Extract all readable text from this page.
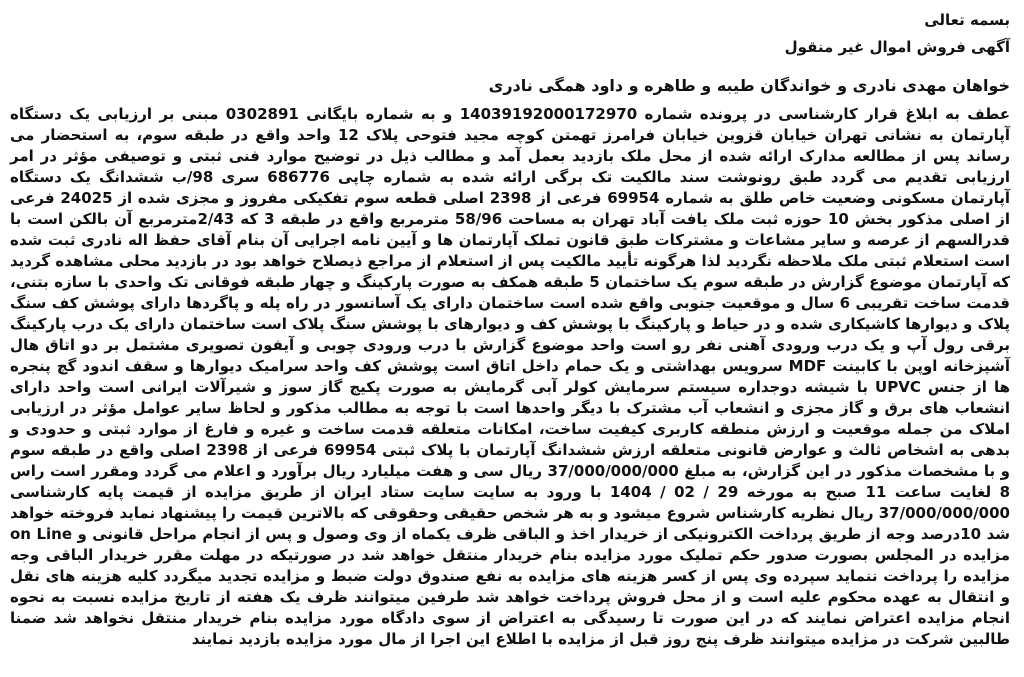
بسمه تعالی
آگهی فروش اموال غیر منقول
خواهان مهدی نادری و خواندگان طیبه و طاهره و داود همگی نادری

عطف به ابلاغ قرار کارشناسی در پرونده شماره 14039192000172970 و به شماره بایگانی 0302891 مبنی بر ارزیابی یک دستگاه آپارتمان به نشانی تهران خیابان قزوین خیابان فرامرز تهمتن کوچه مجید فتوحی پلاک 12 واحد واقع در طبقه سوم، به استحضار می رساند پس از مطالعه مدارک ارائه شده از محل ملک بازدید بعمل آمد و مطالب ذیل در توضیح موارد فنی ثبتی و توصیفی مؤثر در امر ارزیابی تقدیم می گردد طبق رونوشت سند مالکیت تک برگی ارائه شده به شماره چاپی 686776 سری 98/ب ششدانگ یک دستگاه آپارتمان مسکونی وضعیت خاص طلق به شماره 69954 فرعی از 2398 اصلی قطعه سوم تفکیکی مفروز و مجزی شده از 24025 فرعی از اصلی مذکور بخش 10 حوزه ثبت ملک یافت آباد تهران به مساحت 58/96 مترمربع واقع در طبقه 3 که 2/43مترمربع آن بالکن است با قدرالسهم از عرصه و سایر مشاعات و مشترکات طبق قانون تملک آپارتمان ها و آیین نامه اجرایی آن بنام آقای حفظ اله نادری ثبت شده است استعلام ثبتی ملک ملاحظه نگردید لذا هرگونه تأیید مالکیت پس از استعلام از مراجع ذیصلاح خواهد بود در بازدید محلی مشاهده گردید که آپارتمان موضوع گزارش در طبقه سوم یک ساختمان 5 طبقه همکف به صورت پارکینگ و چهار طبقه فوقانی تک واحدی با سازه بتنی، قدمت ساخت تقریبی 6 سال و موقعیت جنوبی واقع شده است ساختمان دارای یک آسانسور در راه پله و پاگردها دارای پوشش کف سنگ پلاک و دیوارها کاشیکاری شده و در حیاط و پارکینگ با پوشش کف و دیوارهای با پوشش سنگ پلاک است ساختمان دارای یک درب پارکینگ برقی رول آپ و یک درب ورودی آهنی نفر رو است واحد موضوع گزارش با درب ورودی چوبی و آیفون تصویری مشتمل بر دو اتاق هال آشپزخانه اوپن با کابینت MDF سرویس بهداشتی و یک حمام داخل اتاق است پوشش کف واحد سرامیک دیوارها و سقف اندود گچ پنجره ها از جنس UPVC با شیشه دوجداره سیستم سرمایش کولر آبی گرمایش به صورت پکیج گاز سوز و شیرآلات ایرانی است واحد دارای انشعاب های برق و گاز مجزی و انشعاب آب مشترک با دیگر واحدها است با توجه به مطالب مذکور و لحاظ سایر عوامل مؤثر در ارزیابی املاک من جمله موقعیت و ارزش منطقه کاربری کیفیت ساخت، امکانات متعلقه قدمت ساخت و غیره و فارغ از موارد ثبتی و حدودی و بدهی به اشخاص ثالث و عوارض قانونی متعلقه ارزش ششدانگ آپارتمان با پلاک ثبتی 69954 فرعی از 2398 اصلی واقع در طبقه سوم و با مشخصات مذکور در این گزارش، به مبلغ 37/000/000/000 ریال سی و هفت میلیارد ریال برآورد و اعلام می گردد ومقرر است راس 8 لغایت ساعت 11 صبح به مورخه 29 / 02 / 1404 با ورود به سایت سایت ستاد ایران از طریق مزایده از قیمت پایه کارشناسی 37/000/000/000 ریال نظریه کارشناس شروع میشود و به هر شخص حقیقی وحقوقی که بالاترین قیمت را پیشنهاد نماید فروخته خواهد شد 10درصد وجه از طریق پرداخت الکترونیکی از خریدار اخذ و الباقی ظرف یکماه از وی وصول و پس از انجام مراحل قانونی و on Line مزایده در المجلس بصورت صدور حکم تملیک مورد مزایده بنام خریدار منتقل خواهد شد در صورتیکه در مهلت مقرر خریدار الباقی وجه مزایده را پرداخت ننماید سپرده وی پس از کسر هزینه های مزایده به نفع صندوق دولت ضبط و مزایده تجدید میگردد کلیه هزینه های نقل و انتقال به عهده محکوم علیه است و از محل فروش پرداخت خواهد شد طرفین میتوانند ظرف یک هفته از تاریخ مزایده نسبت به نحوه انجام مزایده اعتراض نمایند که در این صورت تا رسیدگی به اعتراض از سوی دادگاه مورد مزایده بنام خریدار منتقل نخواهد شد ضمنا طالبین شرکت در مزایده میتوانند ظرف پنج روز قبل از مزایده با اطلاع این اجرا از مال مورد مزایده بازدید نمایند
